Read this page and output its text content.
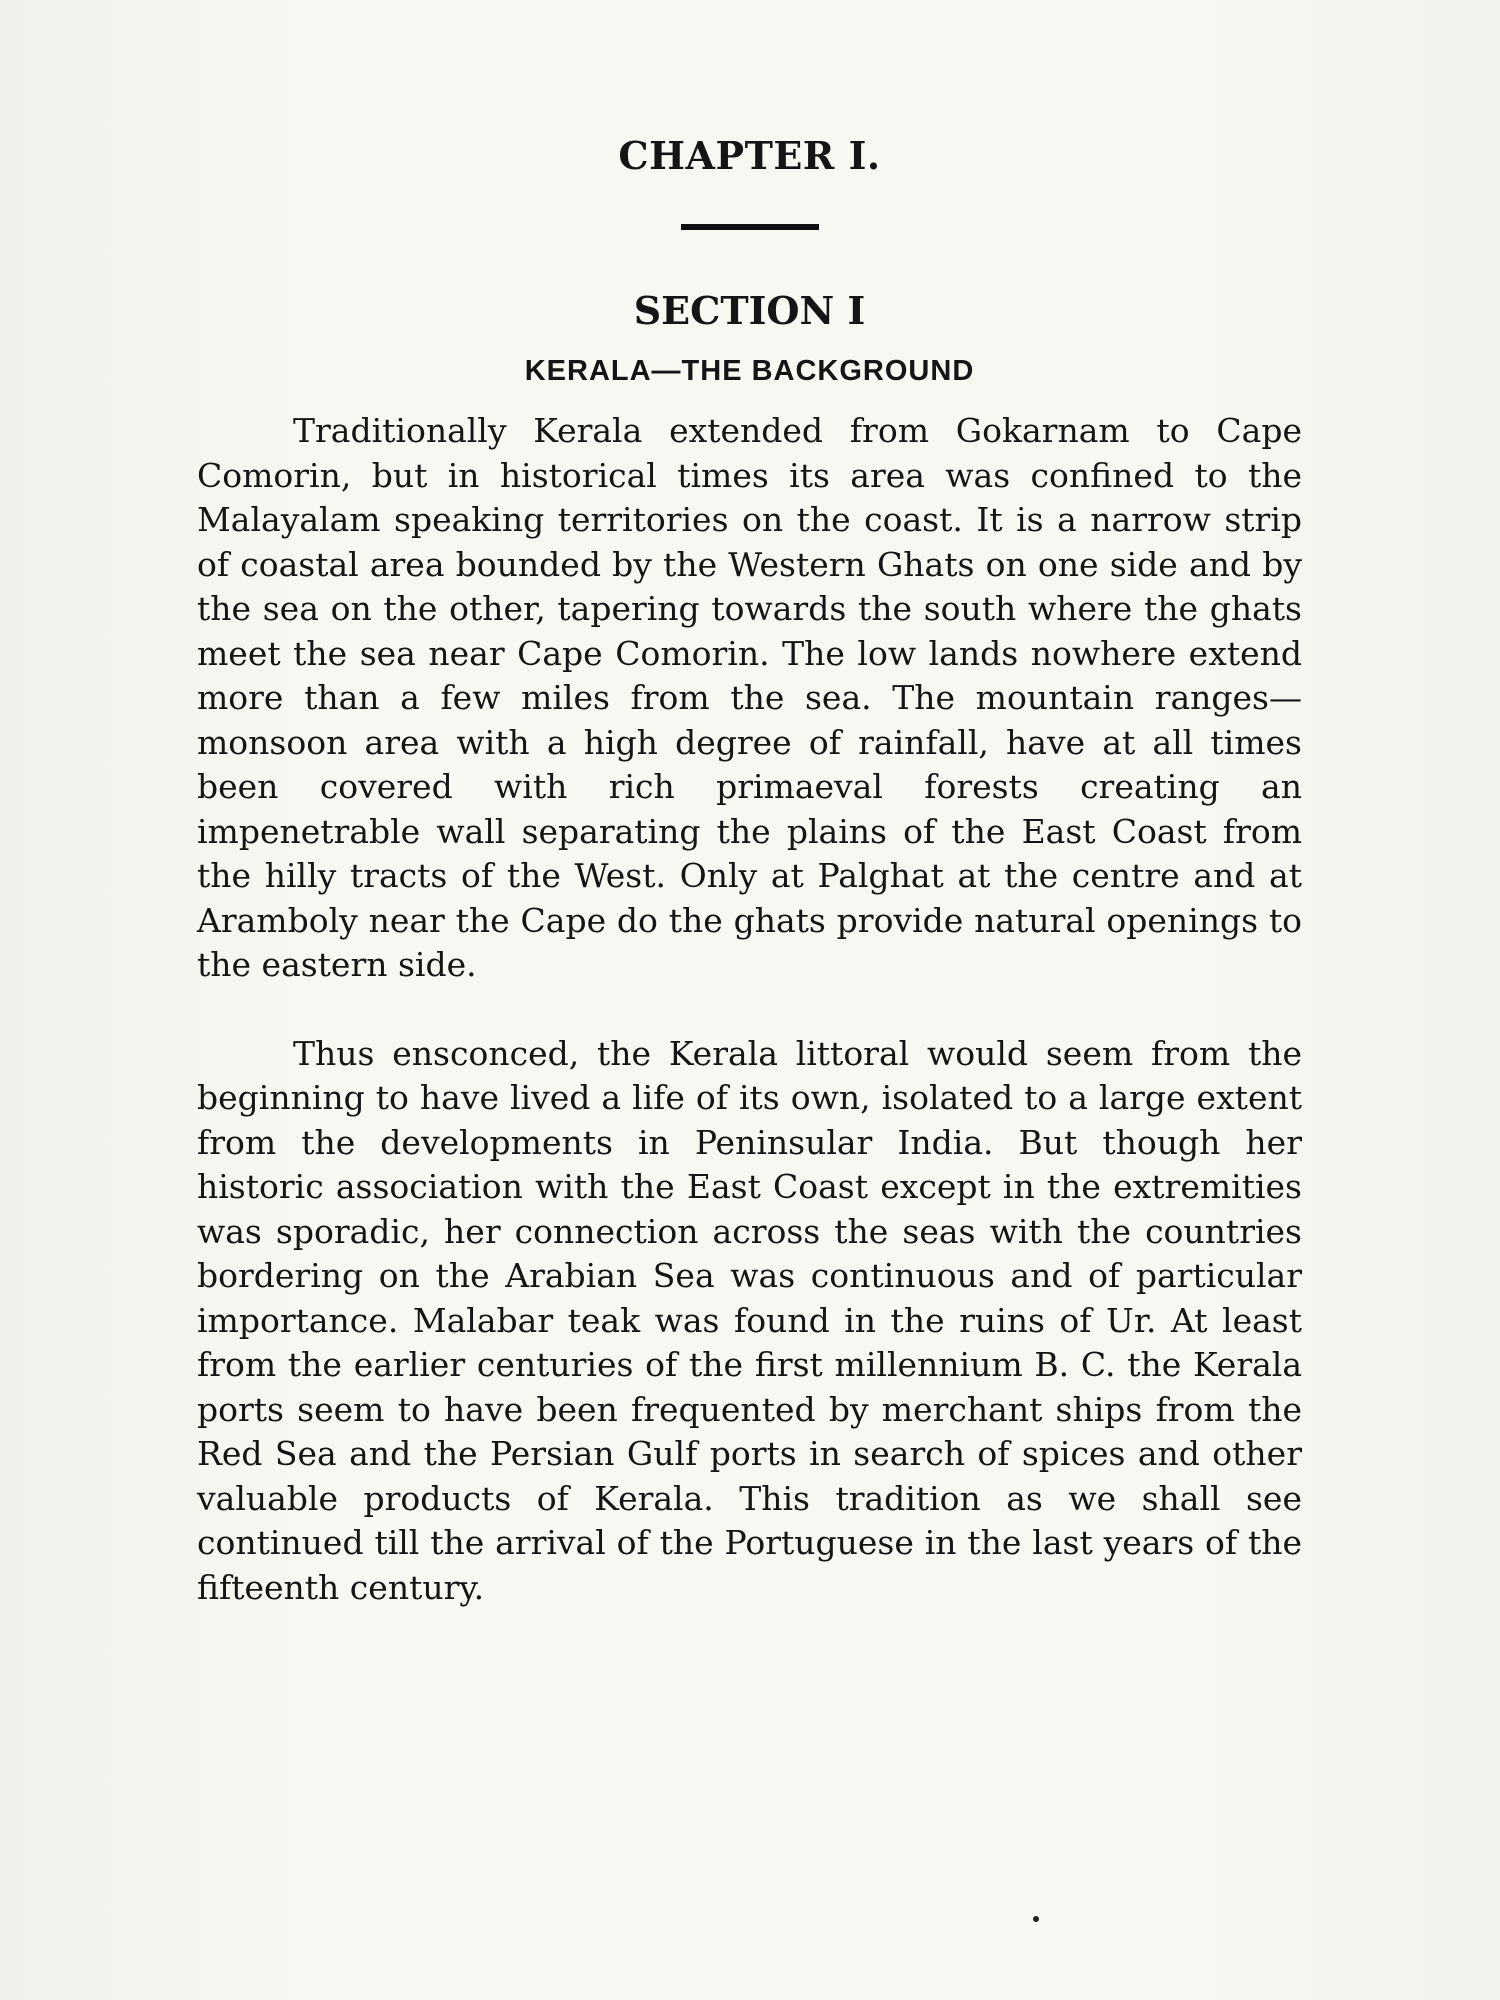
CHAPTER I.
SECTION I
KERALA—THE BACKGROUND

Traditionally Kerala extended from Gokarnam to Cape Comorin, but in historical times its area was confined to the Malayalam speaking territories on the coast. It is a narrow strip of coastal area bounded by the Western Ghats on one side and by the sea on the other, tapering towards the south where the ghats meet the sea near Cape Comorin. The low lands nowhere extend more than a few miles from the sea. The mountain ranges—monsoon area with a high degree of rainfall, have at all times been covered with rich primaeval forests creating an impenetrable wall separating the plains of the East Coast from the hilly tracts of the West. Only at Palghat at the centre and at Aramboly near the Cape do the ghats provide natural openings to the eastern side.

Thus ensconced, the Kerala littoral would seem from the beginning to have lived a life of its own, isolated to a large extent from the developments in Peninsular India. But though her historic association with the East Coast except in the extremities was sporadic, her connection across the seas with the countries bordering on the Arabian Sea was continuous and of particular importance. Malabar teak was found in the ruins of Ur. At least from the earlier centuries of the first millennium B. C. the Kerala ports seem to have been frequented by merchant ships from the Red Sea and the Persian Gulf ports in search of spices and other valuable products of Kerala. This tradition as we shall see continued till the arrival of the Portuguese in the last years of the fifteenth century.
